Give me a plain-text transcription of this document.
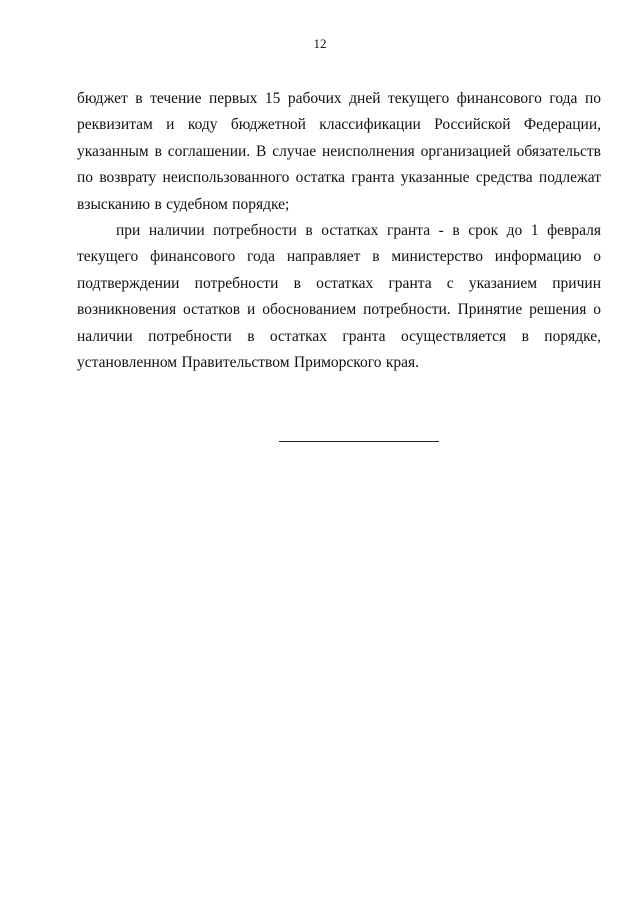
12

бюджет в течение первых 15 рабочих дней текущего финансового года по реквизитам и коду бюджетной классификации Российской Федерации, указанным в соглашении. В случае неисполнения организацией обязательств по возврату неиспользованного остатка гранта указанные средства подлежат взысканию в судебном порядке;

при наличии потребности в остатках гранта - в срок до 1 февраля текущего финансового года направляет в министерство информацию о подтверждении потребности в остатках гранта с указанием причин возникновения остатков и обоснованием потребности. Принятие решения о наличии потребности в остатках гранта осуществляется в порядке, установленном Правительством Приморского края.
